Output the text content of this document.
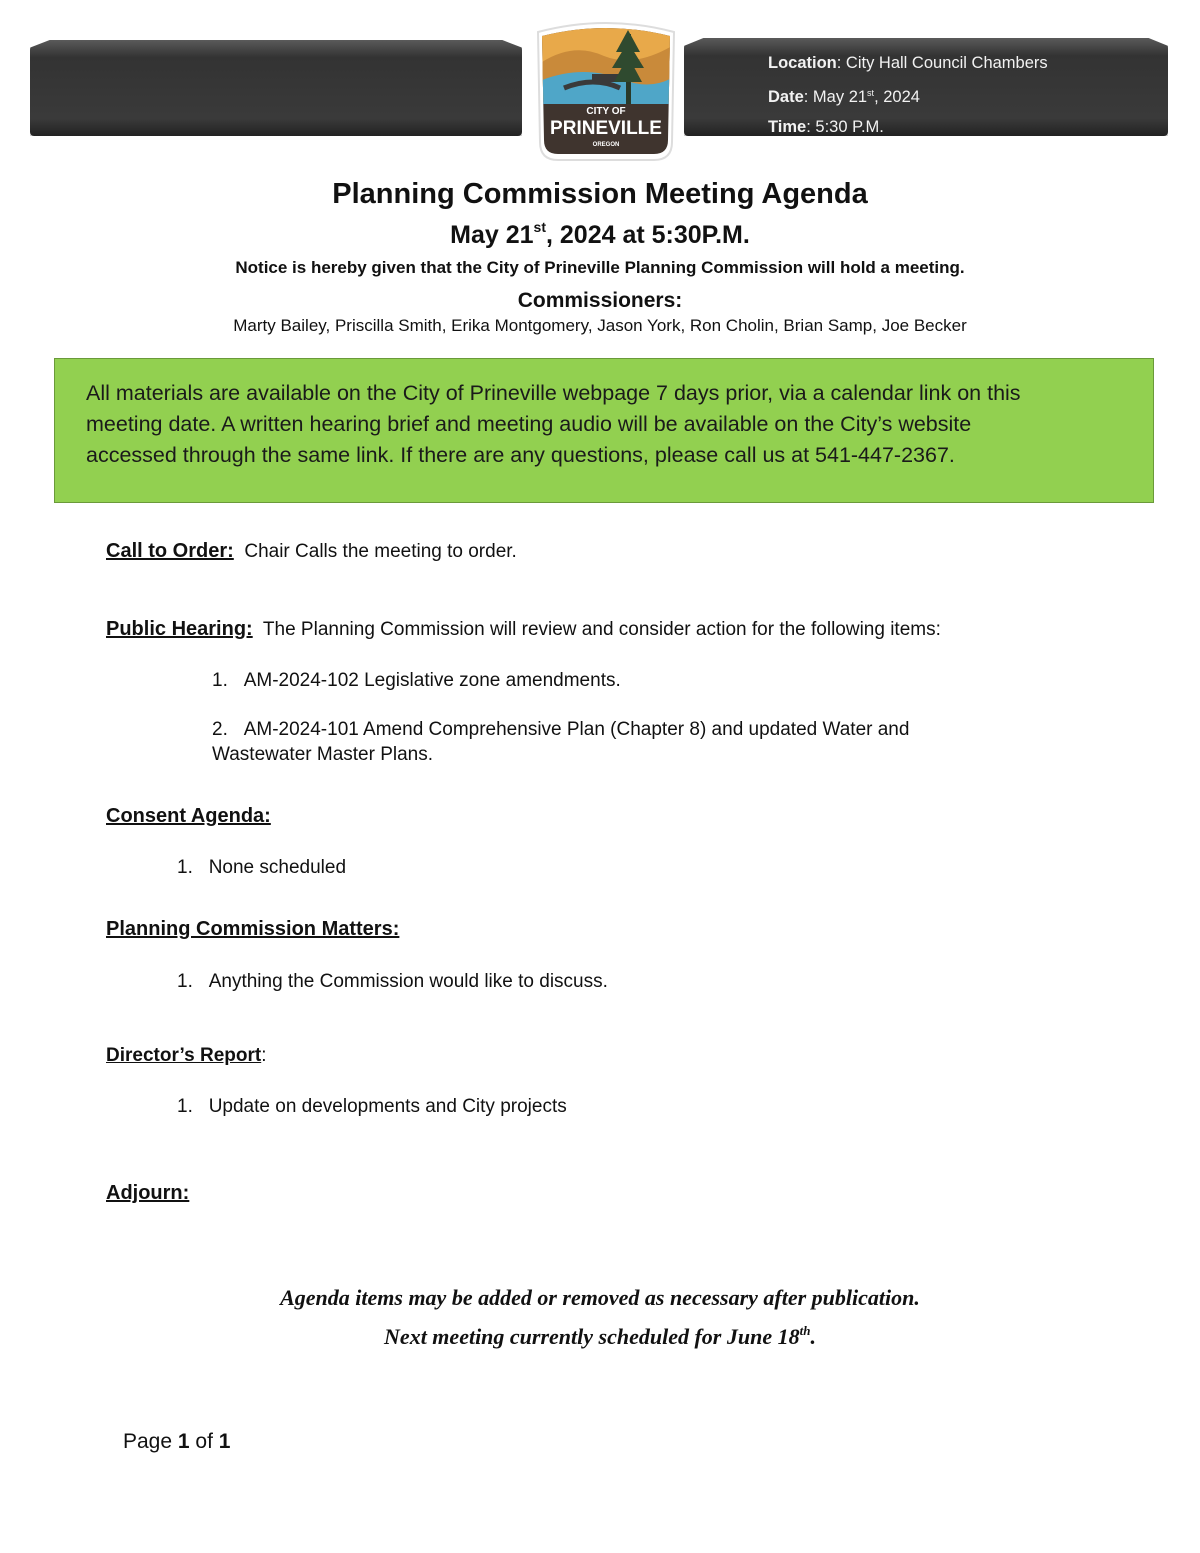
Location: City Hall Council Chambers
Date: May 21st, 2024
Time: 5:30 P.M.
CITY OF
PRINEVILLE
OREGON
Planning Commission Meeting Agenda
May 21st, 2024 at 5:30P.M.
Notice is hereby given that the City of Prineville Planning Commission will hold a meeting.
Commissioners:
Marty Bailey, Priscilla Smith, Erika Montgomery, Jason York, Ron Cholin, Brian Samp, Joe Becker
All materials are available on the City of Prineville webpage 7 days prior, via a calendar link on this
meeting date. A written hearing brief and meeting audio will be available on the City’s website
accessed through the same link. If there are any questions, please call us at 541-447-2367.
Call to Order:  Chair Calls the meeting to order.
Public Hearing:  The Planning Commission will review and consider action for the following items:
1. AM-2024-102 Legislative zone amendments.
2. AM-2024-101 Amend Comprehensive Plan (Chapter 8) and updated Water and
Wastewater Master Plans.
Consent Agenda:
1. None scheduled
Planning Commission Matters:
1. Anything the Commission would like to discuss.
Director’s Report:
1. Update on developments and City projects
Adjourn:
Agenda items may be added or removed as necessary after publication.
Next meeting currently scheduled for June 18th.
Page 1 of 1
